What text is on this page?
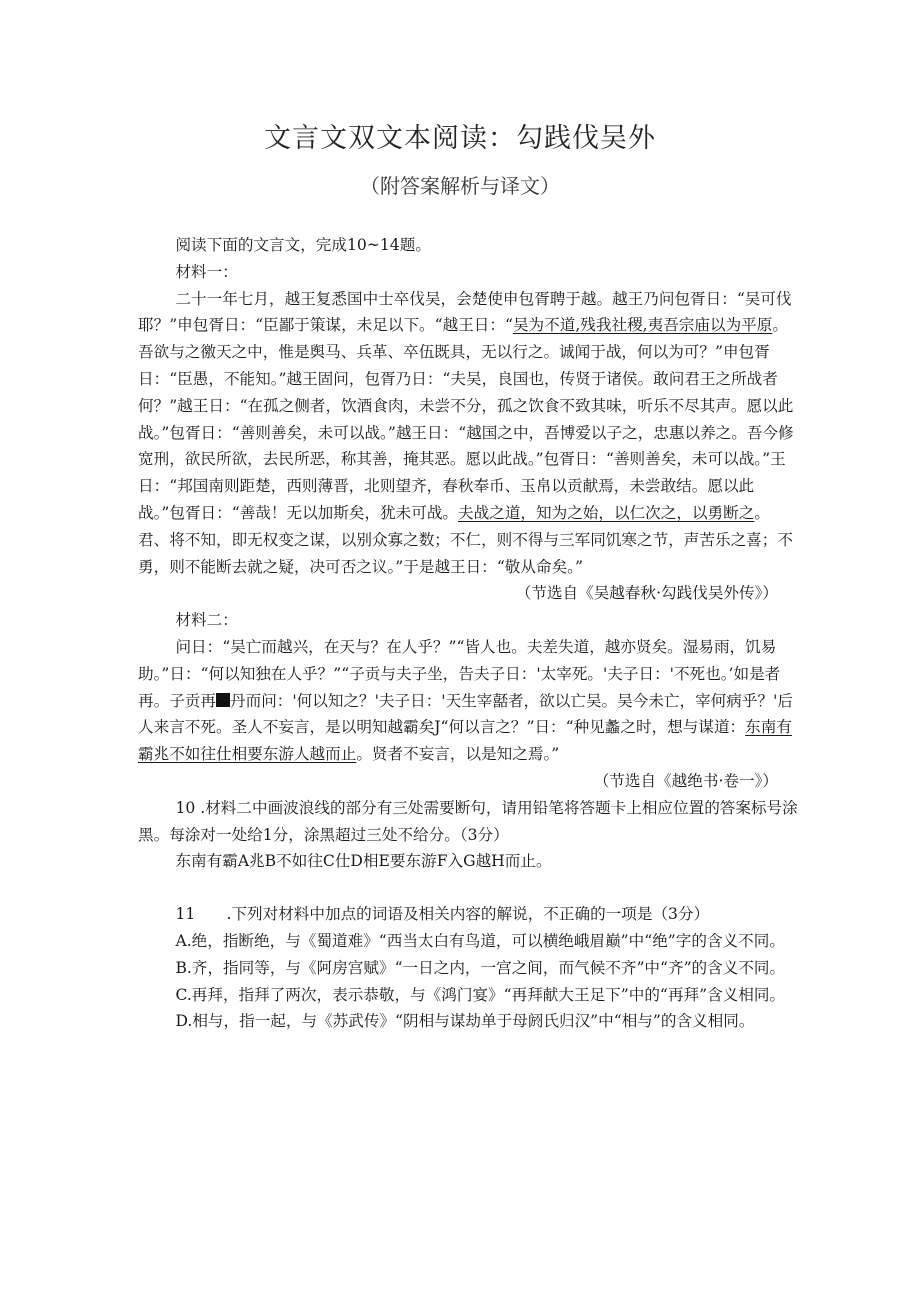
文言文双文本阅读：勾践伐吴外
（附答案解析与译文）

阅读下面的文言文，完成10~14题。

材料一：

二十一年七月，越王复悉国中士卒伐吴，会楚使申包胥聘于越。越王乃问包胥日：“吴可伐耶？”申包胥日：“臣鄙于策谋，未足以下。“越王日：“吴为不道,残我社稷,夷吾宗庙以为平原。吾欲与之徼天之中，惟是舆马、兵革、卒伍既具，无以行之。诚闻于战，何以为可？”申包胥日：“臣愚，不能知。”越王固问，包胥乃日：“夫吴，良国也，传贤于诸侯。敢问君王之所战者何？”越王日：“在孤之侧者，饮酒食肉，未尝不分，孤之饮食不致其味，听乐不尽其声。愿以此战。”包胥日：“善则善矣，未可以战。”越王日：“越国之中，吾博爱以子之，忠惠以养之。吾今修宽刑，欲民所欲，去民所恶，称其善，掩其恶。愿以此战。”包胥日：“善则善矣，未可以战。”王日：“邦国南则距楚，西则薄晋，北则望齐，春秋奉币、玉帛以贡献焉，未尝敢结。愿以此战。”包胥日：“善哉！无以加斯矣，犹未可战。夫战之道，知为之始，以仁次之，以勇断之。君、将不知，即无权变之谋，以别众寡之数；不仁，则不得与三军同饥寒之节，声苦乐之喜；不勇，则不能断去就之疑，决可否之议。”于是越王日：“敬从命矣。”

（节选自《吴越春秋·勾践伐吴外传》）

材料二：

问日：“吴亡而越兴，在天与？在人乎？”“皆人也。夫差失道，越亦贤矣。湿易雨，饥易助。”日：“何以知独在人乎？”“子贡与夫子坐，告夫子日：'太宰死。'夫子日：'不死也。’如是者再。子贡再 丹而问：'何以知之？'夫子日：'天生宰嚭者，欲以亡吴。吴今未亡，宰何病乎？'后人来言不死。圣人不妄言，是以明知越霸矣J“何以言之？”日：“种见蠡之时，想与谋道：东南有霸兆不如往仕相要东游人越而止。贤者不妄言，以是知之焉。”

（节选自《越绝书·卷一》）

10 .材料二中画波浪线的部分有三处需要断句，请用铅笔将答题卡上相应位置的答案标号涂黑。每涂对一处给1分，涂黑超过三处不给分。（3分）

东南有霸A兆B不如往C仕D相E要东游F入G越H而止。

11　　.下列对材料中加点的词语及相关内容的解说，不正确的一项是（3分）

A.绝，指断绝，与《蜀道难》“西当太白有鸟道，可以横绝峨眉巅”中“绝”字的含义不同。

B.齐，指同等，与《阿房宫赋》“一日之内，一宫之间，而气候不齐”中“齐”的含义不同。

C.再拜，指拜了两次，表示恭敬，与《鸿门宴》“再拜献大王足下”中的“再拜”含义相同。

D.相与，指一起，与《苏武传》“阴相与谋劫单于母阏氏归汉”中“相与”的含义相同。
